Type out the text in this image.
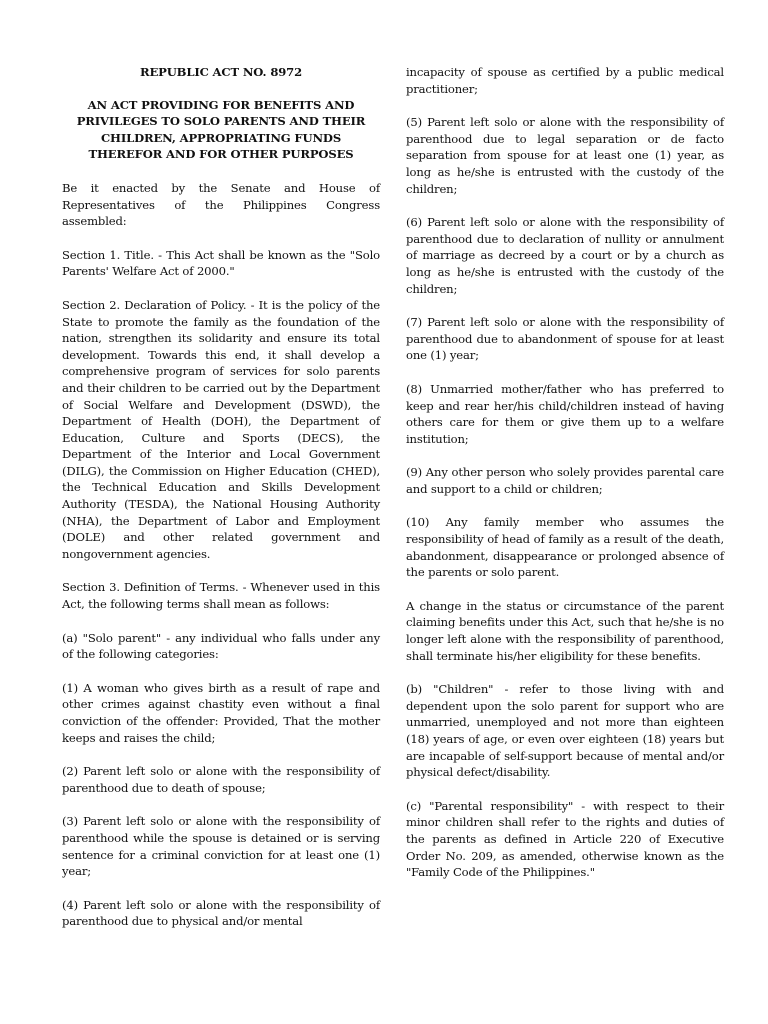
REPUBLIC ACT NO. 8972

AN ACT PROVIDING FOR BENEFITS AND PRIVILEGES TO SOLO PARENTS AND THEIR CHILDREN, APPROPRIATING FUNDS THEREFOR AND FOR OTHER PURPOSES

Be it enacted by the Senate and House of Representatives of the Philippines Congress assembled:

Section 1. Title. - This Act shall be known as the "Solo Parents' Welfare Act of 2000."

Section 2. Declaration of Policy. - It is the policy of the State to promote the family as the foundation of the nation, strengthen its solidarity and ensure its total development. Towards this end, it shall develop a comprehensive program of services for solo parents and their children to be carried out by the Department of Social Welfare and Development (DSWD), the Department of Health (DOH), the Department of Education, Culture and Sports (DECS), the Department of the Interior and Local Government (DILG), the Commission on Higher Education (CHED), the Technical Education and Skills Development Authority (TESDA), the National Housing Authority (NHA), the Department of Labor and Employment (DOLE) and other related government and nongovernment agencies.

Section 3. Definition of Terms. - Whenever used in this Act, the following terms shall mean as follows:

(a) "Solo parent" - any individual who falls under any of the following categories:

(1) A woman who gives birth as a result of rape and other crimes against chastity even without a final conviction of the offender: Provided, That the mother keeps and raises the child;

(2) Parent left solo or alone with the responsibility of parenthood due to death of spouse;

(3) Parent left solo or alone with the responsibility of parenthood while the spouse is detained or is serving sentence for a criminal conviction for at least one (1) year;

(4) Parent left solo or alone with the responsibility of parenthood due to physical and/or mental

incapacity of spouse as certified by a public medical practitioner;

(5) Parent left solo or alone with the responsibility of parenthood due to legal separation or de facto separation from spouse for at least one (1) year, as long as he/she is entrusted with the custody of the children;

(6) Parent left solo or alone with the responsibility of parenthood due to declaration of nullity or annulment of marriage as decreed by a court or by a church as long as he/she is entrusted with the custody of the children;

(7) Parent left solo or alone with the responsibility of parenthood due to abandonment of spouse for at least one (1) year;

(8) Unmarried mother/father who has preferred to keep and rear her/his child/children instead of having others care for them or give them up to a welfare institution;

(9) Any other person who solely provides parental care and support to a child or children;

(10) Any family member who assumes the responsibility of head of family as a result of the death, abandonment, disappearance or prolonged absence of the parents or solo parent.

A change in the status or circumstance of the parent claiming benefits under this Act, such that he/she is no longer left alone with the responsibility of parenthood, shall terminate his/her eligibility for these benefits.

(b) "Children" - refer to those living with and dependent upon the solo parent for support who are unmarried, unemployed and not more than eighteen (18) years of age, or even over eighteen (18) years but are incapable of self-support because of mental and/or physical defect/disability.

(c) "Parental responsibility" - with respect to their minor children shall refer to the rights and duties of the parents as defined in Article 220 of Executive Order No. 209, as amended, otherwise known as the "Family Code of the Philippines."
